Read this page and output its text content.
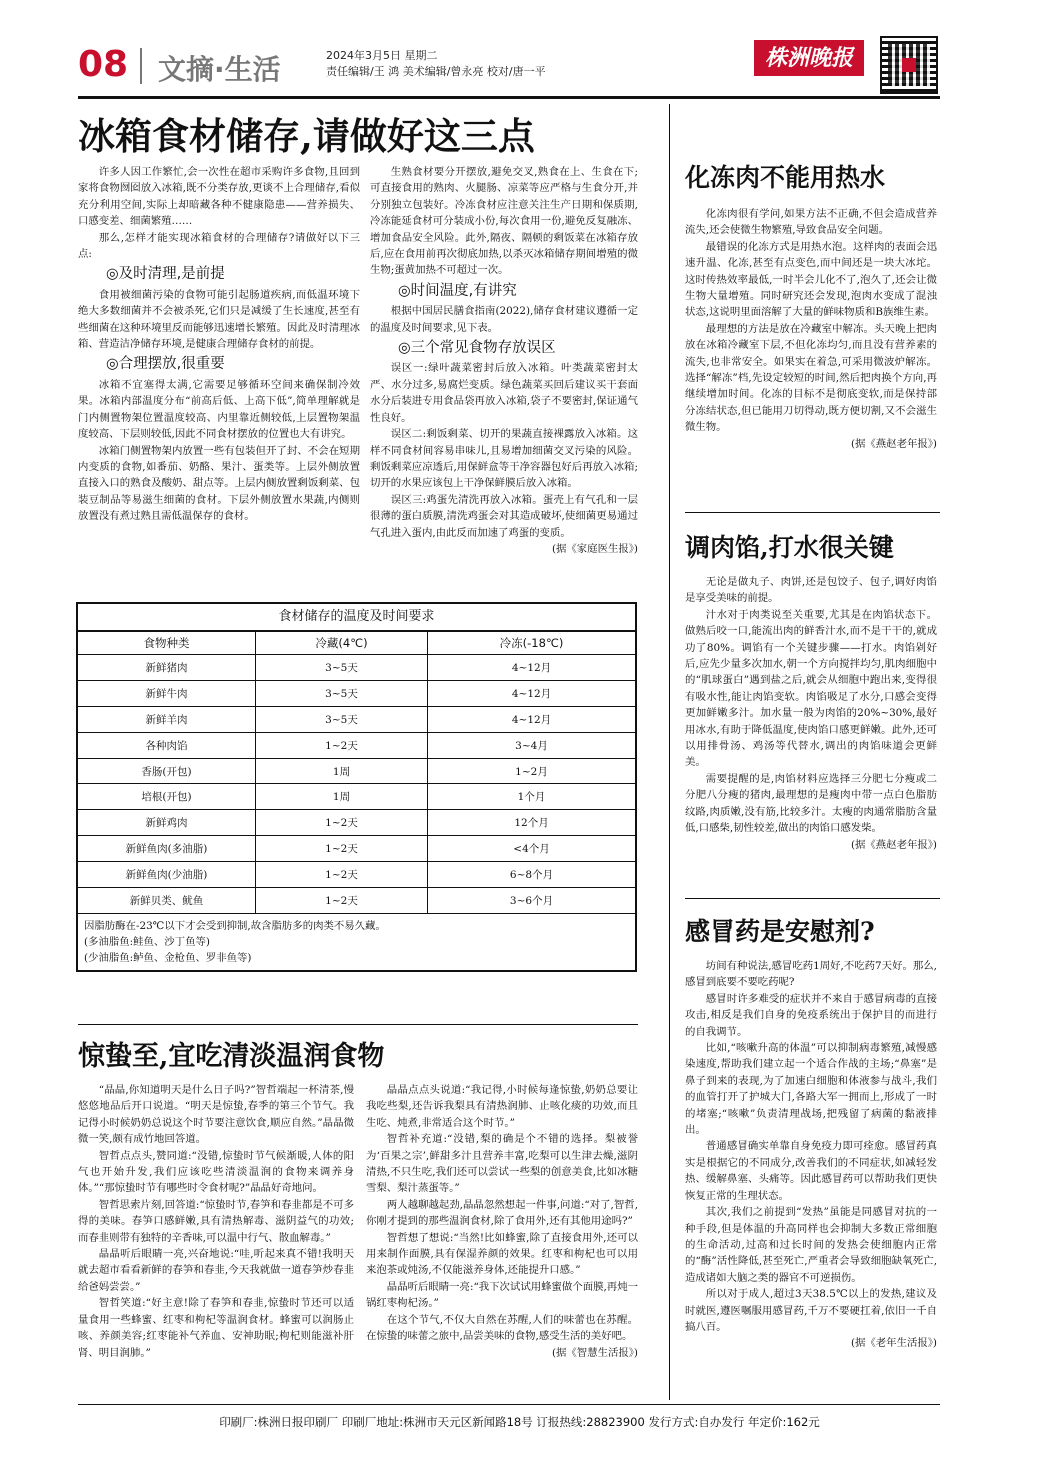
08 文摘·生活	2024年3月5日 星期二
责任编辑/王 鸿 美术编辑/曾永亮 校对/唐一平
株洲晚报
冰箱食材储存,请做好这三点

许多人因工作繁忙,会一次性在超市采购许多食物,且回到家将食物囫囵放入冰箱,既不分类存放,更谈不上合理储存,看似充分利用空间,实际上却暗藏各种不健康隐患——营养损失、口感变差、细菌繁殖……

那么,怎样才能实现冰箱食材的合理储存?请做好以下三点:

◎及时清理,是前提

食用被细菌污染的食物可能引起肠道疾病,而低温环境下绝大多数细菌并不会被杀死,它们只是减缓了生长速度,甚至有些细菌在这种环境里反而能够迅速增长繁殖。因此及时清理冰箱、营造洁净储存环境,是健康合理储存食材的前提。

◎合理摆放,很重要

冰箱不宜塞得太满,它需要足够循环空间来确保制冷效果。冰箱内部温度分布“前高后低、上高下低”,简单理解就是门内侧置物架位置温度较高、内里靠近侧较低,上层置物架温度较高、下层则较低,因此不同食材摆放的位置也大有讲究。

冰箱门侧置物架内放置一些有包装但开了封、不会在短期内变质的食物,如番茄、奶酪、果汁、蛋类等。上层外侧放置直接入口的熟食及酸奶、甜点等。上层内侧放置剩饭剩菜、包装豆制品等易滋生细菌的食材。下层外侧放置水果蔬,内侧则放置没有煮过熟且需低温保存的食材。

生熟食材要分开摆放,避免交叉,熟食在上、生食在下;可直接食用的熟肉、火腿肠、凉菜等应严格与生食分开,并分别独立包装好。冷冻食材应注意关注生产日期和保质期,冷冻能延食材可分装成小份,每次食用一份,避免反复融冻、增加食品安全风险。此外,隔夜、隔顿的剩饭菜在冰箱存放后,应在食用前再次彻底加热,以杀灭冰箱储存期间增殖的微生物;蛋黄加热不可超过一次。

◎时间温度,有讲究

根据中国居民膳食指南(2022),储存食材建议遵循一定的温度及时间要求,见下表。

◎三个常见食物存放误区

误区一:绿叶蔬菜密封后放入冰箱。叶类蔬菜密封太严、水分过多,易腐烂变质。绿色蔬菜买回后建议买干套面水分后装进专用食品袋再放入冰箱,袋子不要密封,保证通气性良好。

误区二:剩饭剩菜、切开的果蔬直接裸露放入冰箱。这样不同食材间容易串味儿,且易增加细菌交叉污染的风险。剩饭剩菜应凉透后,用保鲜盒等干净容器包好后再放入冰箱;切开的水果应该包上干净保鲜膜后放入冰箱。

误区三:鸡蛋先清洗再放入冰箱。蛋壳上有气孔和一层很薄的蛋白质膜,清洗鸡蛋会对其造成破坏,使细菌更易通过气孔进入蛋内,由此反而加速了鸡蛋的变质。

(据《家庭医生报》)
食材储存的温度及时间要求
食物种类	冷藏(4℃)	冷冻(-18℃)
新鲜猪肉	3~5天	4~12月
新鲜牛肉	3~5天	4~12月
新鲜羊肉	3~5天	4~12月
各种肉馅	1~2天	3~4月
香肠(开包)	1周	1~2月
培根(开包)	1周	1个月
新鲜鸡肉	1~2天	12个月
新鲜鱼肉(多油脂)	1~2天	<4个月
新鲜鱼肉(少油脂)	1~2天	6~8个月
新鲜贝类、鱿鱼	1~2天	3~6个月
因脂肪酶在-23℃以下才会受到抑制,故含脂肪多的肉类不易久藏。
(多油脂鱼:鲑鱼、沙丁鱼等)
(少油脂鱼:鲈鱼、金枪鱼、罗非鱼等)
惊蛰至,宜吃清淡温润食物

“晶晶,你知道明天是什么日子吗?”智哲端起一杯清茶,慢悠悠地品后开口说道。“明天是惊蛰,春季的第三个节气。我记得小时候奶奶总说这个时节要注意饮食,顺应自然。”晶晶微微一笑,颇有成竹地回答道。

智哲点点头,赞同道:“没错,惊蛰时节气候渐暖,人体的阳气也开始升发,我们应该吃些清淡温润的食物来调养身体。”“那惊蛰时节有哪些时令食材呢?”晶晶好奇地问。

智哲思索片刻,回答道:“惊蛰时节,春笋和春韭都是不可多得的美味。春笋口感鲜嫩,具有清热解毒、滋阴益气的功效;而春韭则带有独特的辛香味,可以温中行气、散血解毒。”

晶晶听后眼睛一亮,兴奋地说:“哇,听起来真不错!我明天就去超市看看新鲜的春笋和春韭,今天我就做一道春笋炒春韭给爸妈尝尝。”

智哲笑道:“好主意!除了春笋和春韭,惊蛰时节还可以适量食用一些蜂蜜、红枣和枸杞等温润食材。蜂蜜可以润肠止咳、养颜美容;红枣能补气养血、安神助眠;枸杞则能滋补肝肾、明目润肺。”

晶晶点点头说道:“我记得,小时候每逢惊蛰,奶奶总要让我吃些梨,还告诉我梨具有清热润肺、止咳化痰的功效,而且生吃、炖煮,非常适合这个时节。”

智哲补充道:“没错,梨的确是个不错的选择。梨被誉为‘百果之宗’,鲜甜多汁且营养丰富,吃梨可以生津去燥,滋阴清热,不只生吃,我们还可以尝试一些梨的创意美食,比如冰糖雪梨、梨汁蒸蛋等。”

两人越聊越起劲,晶晶忽然想起一件事,问道:“对了,智哲,你刚才提到的那些温润食材,除了食用外,还有其他用途吗?”

智哲想了想说:“当然!比如蜂蜜,除了直接食用外,还可以用来制作面膜,具有保湿养颜的效果。红枣和枸杞也可以用来泡茶或炖汤,不仅能滋养身体,还能提升口感。”

晶晶听后眼睛一亮:“我下次试试用蜂蜜做个面膜,再炖一锅红枣枸杞汤。”

在这个节气,不仅大自然在苏醒,人们的味蕾也在苏醒。在惊蛰的味蕾之旅中,品尝美味的食物,感受生活的美好吧。

(据《智慧生活报》)
化冻肉不能用热水

化冻肉很有学问,如果方法不正确,不但会造成营养流失,还会使微生物繁殖,导致食品安全问题。

最错误的化冻方式是用热水泡。这样肉的表面会迅速升温、化冻,甚至有点变色,而中间还是一块大冰坨。这时传热效率最低,一时半会儿化不了,泡久了,还会让微生物大量增殖。同时研究还会发现,泡肉水变成了混浊状态,这说明里面溶解了大量的鲜味物质和B族维生素。

最理想的方法是放在冷藏室中解冻。头天晚上把肉放在冰箱冷藏室下层,不但化冻均匀,而且没有营养素的流失,也非常安全。如果实在着急,可采用微波炉解冻。选择“解冻”档,先设定较短的时间,然后把肉换个方向,再继续增加时间。化冻的目标不是彻底变软,而是保持部分冻结状态,但已能用刀切得动,既方便切割,又不会滋生微生物。

(据《燕赵老年报》)
调肉馅,打水很关键

无论是做丸子、肉饼,还是包饺子、包子,调好肉馅是享受美味的前提。

汁水对于肉类说至关重要,尤其是在肉馅状态下。做熟后咬一口,能流出肉的鲜香汁水,而不是干干的,就成功了80%。调馅有一个关键步骤——打水。肉馅剁好后,应先少量多次加水,朝一个方向搅拌均匀,肌肉细胞中的“肌球蛋白”遇到盐之后,就会从细胞中跑出来,变得很有吸水性,能让肉馅变软。肉馅吸足了水分,口感会变得更加鲜嫩多汁。加水量一般为肉馅的20%~30%,最好用冰水,有助于降低温度,使肉馅口感更鲜嫩。此外,还可以用排骨汤、鸡汤等代替水,调出的肉馅味道会更鲜美。

需要提醒的是,肉馅材料应选择三分肥七分瘦或二分肥八分瘦的猪肉,最理想的是瘦肉中带一点白色脂肪纹路,肉质嫩,没有筋,比较多汁。太瘦的肉通常脂肪含量低,口感柴,韧性较差,做出的肉馅口感发柴。

(据《燕赵老年报》)
感冒药是安慰剂?

坊间有种说法,感冒吃药1周好,不吃药7天好。那么,感冒到底要不要吃药呢?

感冒时许多难受的症状并不来自于感冒病毒的直接攻击,相反是我们自身的免疫系统出于保护目的而进行的自我调节。

比如,“咳嗽升高的体温”可以抑制病毒繁殖,减慢感染速度,帮助我们建立起一个适合作战的主场;“鼻塞”是鼻子到来的表现,为了加速白细胞和体液参与战斗,我们的血管打开了护城大门,各路大军一拥而上,形成了一时的堵塞;“咳嗽”负责清理战场,把残留了病菌的黏液排出。

普通感冒确实单靠自身免疫力即可痊愈。感冒药真实是根据它的不同成分,改善我们的不同症状,如减轻发热、缓解鼻塞、头痛等。因此感冒药可以帮助我们更快恢复正常的生理状态。

其次,我们之前提到“发热”虽能是同感冒对抗的一种手段,但是体温的升高同样也会抑制大多数正常细胞的生命活动,过高和过长时间的发热会使细胞内正常的“酶”活性降低,甚至死亡,严重者会导致细胞缺氧死亡,造成诸如大脑之类的器官不可逆损伤。

所以对于成人,超过3天38.5℃以上的发热,建议及时就医,遵医嘱服用感冒药,千万不要硬扛着,依旧一千自搞八百。

(据《老年生活报》)
印刷厂:株洲日报印刷厂 印刷厂地址:株洲市天元区新闻路18号 订报热线:28823900 发行方式:自办发行 年定价:162元
